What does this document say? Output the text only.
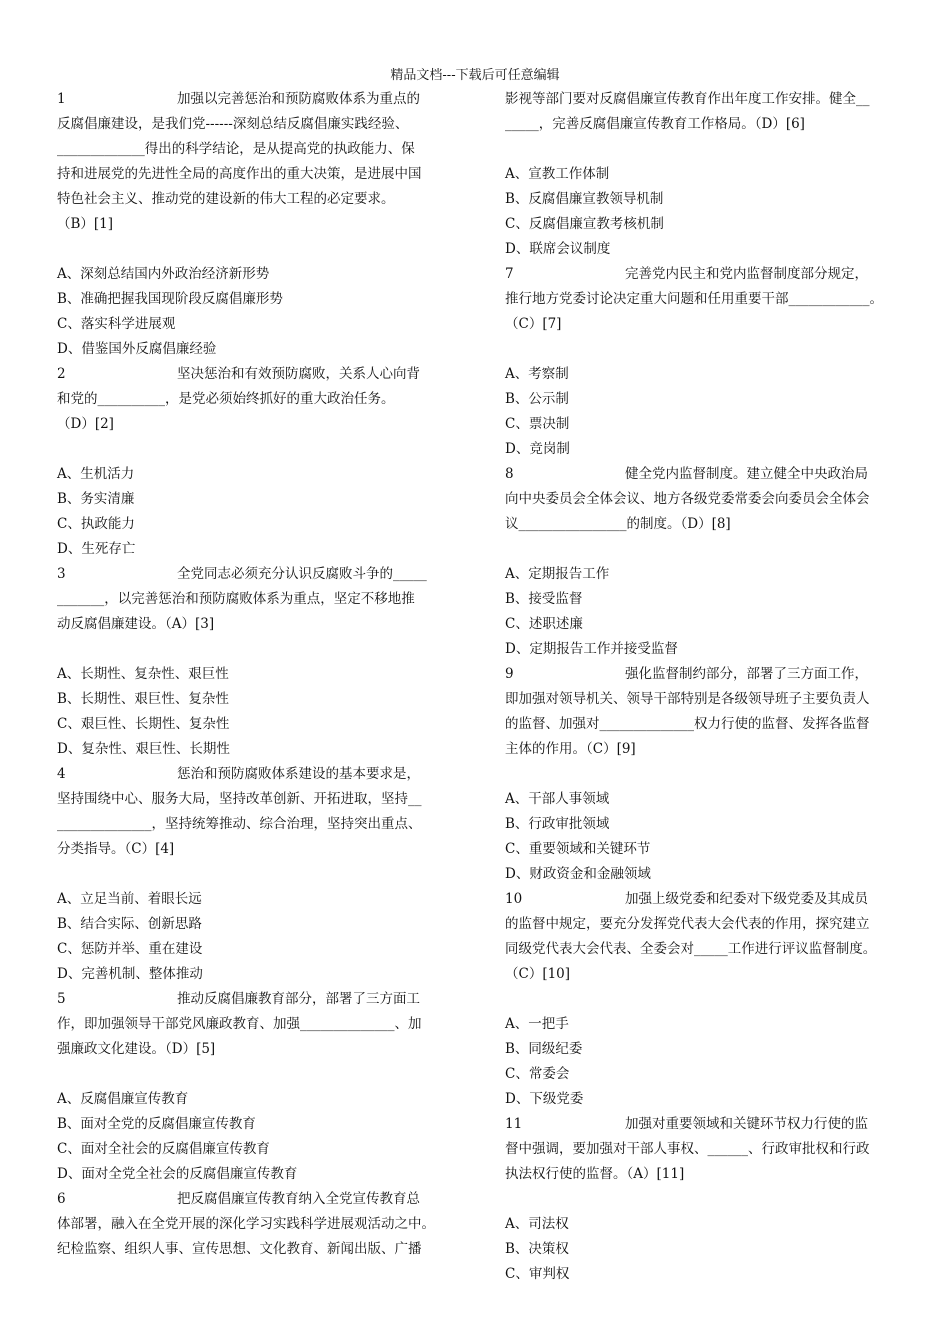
精品文档---下载后可任意编辑
1	加强以完善惩治和预防腐败体系为重点的
反腐倡廉建设，是我们党------深刻总结反腐倡廉实践经验、
_____________得出的科学结论，是从提高党的执政能力、保
持和进展党的先进性全局的高度作出的重大决策，是进展中国
特色社会主义、推动党的建设新的伟大工程的必定要求。
（B）[1]
A、深刻总结国内外政治经济新形势
B、准确把握我国现阶段反腐倡廉形势
C、落实科学进展观
D、借鉴国外反腐倡廉经验
2	坚决惩治和有效预防腐败，关系人心向背
和党的__________，是党必须始终抓好的重大政治任务。
（D）[2]
A、生机活力
B、务实清廉
C、执政能力
D、生死存亡
3	全党同志必须充分认识反腐败斗争的_____
_______，以完善惩治和预防腐败体系为重点，坚定不移地推
动反腐倡廉建设。（A）[3]
A、长期性、复杂性、艰巨性
B、长期性、艰巨性、复杂性
C、艰巨性、长期性、复杂性
D、复杂性、艰巨性、长期性
4	惩治和预防腐败体系建设的基本要求是，
坚持围绕中心、服务大局，坚持改革创新、开拓进取，坚持__
______________，坚持统筹推动、综合治理，坚持突出重点、
分类指导。（C）[4]
A、立足当前、着眼长远
B、结合实际、创新思路
C、惩防并举、重在建设
D、完善机制、整体推动
5	推动反腐倡廉教育部分，部署了三方面工
作，即加强领导干部党风廉政教育、加强______________、加
强廉政文化建设。（D）[5]
A、反腐倡廉宣传教育
B、面对全党的反腐倡廉宣传教育
C、面对全社会的反腐倡廉宣传教育
D、面对全党全社会的反腐倡廉宣传教育
6	把反腐倡廉宣传教育纳入全党宣传教育总
体部署，融入在全党开展的深化学习实践科学进展观活动之中。
纪检监察、组织人事、宣传思想、文化教育、新闻出版、广播
影视等部门要对反腐倡廉宣传教育作出年度工作安排。健全__
_____，完善反腐倡廉宣传教育工作格局。（D）[6]
A、宣教工作体制
B、反腐倡廉宣教领导机制
C、反腐倡廉宣教考核机制
D、联席会议制度
7	完善党内民主和党内监督制度部分规定，
推行地方党委讨论决定重大问题和任用重要干部____________。
（C）[7]
A、考察制
B、公示制
C、票决制
D、竞岗制
8	健全党内监督制度。建立健全中央政治局
向中央委员会全体会议、地方各级党委常委会向委员会全体会
议________________的制度。（D）[8]
A、定期报告工作
B、接受监督
C、述职述廉
D、定期报告工作并接受监督
9	强化监督制约部分，部署了三方面工作，
即加强对领导机关、领导干部特别是各级领导班子主要负责人
的监督、加强对______________权力行使的监督、发挥各监督
主体的作用。（C）[9]
A、干部人事领域
B、行政审批领域
C、重要领域和关键环节
D、财政资金和金融领域
10	加强上级党委和纪委对下级党委及其成员
的监督中规定，要充分发挥党代表大会代表的作用，探究建立
同级党代表大会代表、全委会对_____工作进行评议监督制度。
（C）[10]
A、一把手
B、同级纪委
C、常委会
D、下级党委
11	加强对重要领域和关键环节权力行使的监
督中强调，要加强对干部人事权、______、行政审批权和行政
执法权行使的监督。（A）[11]
A、司法权
B、决策权
C、审判权
